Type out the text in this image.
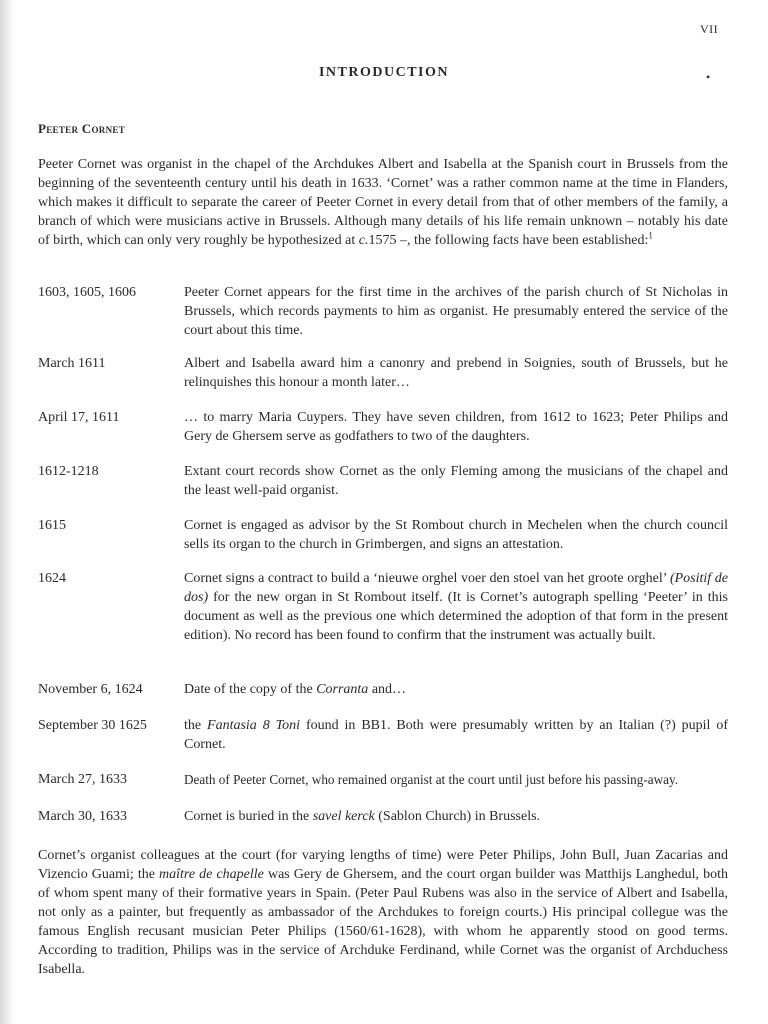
VII
INTRODUCTION	•
Peeter Cornet

Peeter Cornet was organist in the chapel of the Archdukes Albert and Isabella at the Spanish court in Brussels from the beginning of the seventeenth century until his death in 1633. ‘Cornet’ was a rather common name at the time in Flanders, which makes it difficult to separate the career of Peeter Cornet in every detail from that of other members of the family, a branch of which were musicians active in Brussels. Although many details of his life remain unknown – notably his date of birth, which can only very roughly be hypothesized at c.1575 –, the following facts have been established:$^1$

1603, 1605, 1606	Peeter Cornet appears for the first time in the archives of the parish church of St Nicholas in Brussels, which records payments to him as organist. He presumably entered the service of the court about this time.

March 1611	Albert and Isabella award him a canonry and prebend in Soignies, south of Brussels, but he relinquishes this honour a month later…

April 17, 1611	… to marry Maria Cuypers. They have seven children, from 1612 to 1623; Peter Philips and Gery de Ghersem serve as godfathers to two of the daughters.

1612-1218	Extant court records show Cornet as the only Fleming among the musicians of the chapel and the least well-paid organist.

1615	Cornet is engaged as advisor by the St Rombout church in Mechelen when the church council sells its organ to the church in Grimbergen, and signs an attestation.

1624	Cornet signs a contract to build a ‘nieuwe orghel voer den stoel van het groote orghel’ (Positif de dos) for the new organ in St Rombout itself. (It is Cornet’s autograph spelling ‘Peeter’ in this document as well as the previous one which determined the adoption of that form in the present edition). No record has been found to confirm that the instrument was actually built.

November 6, 1624	Date of the copy of the Corranta and…

September 30 1625	the Fantasia 8 Toni found in BB1. Both were presumably written by an Italian (?) pupil of Cornet.

March 27, 1633	Death of Peeter Cornet, who remained organist at the court until just before his passing-away.

March 30, 1633	Cornet is buried in the savel kerck (Sablon Church) in Brussels.

Cornet’s organist colleagues at the court (for varying lengths of time) were Peter Philips, John Bull, Juan Zacarias and Vizencio Guami; the maître de chapelle was Gery de Ghersem, and the court organ builder was Matthijs Langhedul, both of whom spent many of their formative years in Spain. (Peter Paul Rubens was also in the service of Albert and Isabella, not only as a painter, but frequently as ambassador of the Archdukes to foreign courts.) His principal collegue was the famous English recusant musician Peter Philips (1560/61-1628), with whom he apparently stood on good terms. According to tradition, Philips was in the service of Archduke Ferdinand, while Cornet was the organist of Archduchess Isabella.
